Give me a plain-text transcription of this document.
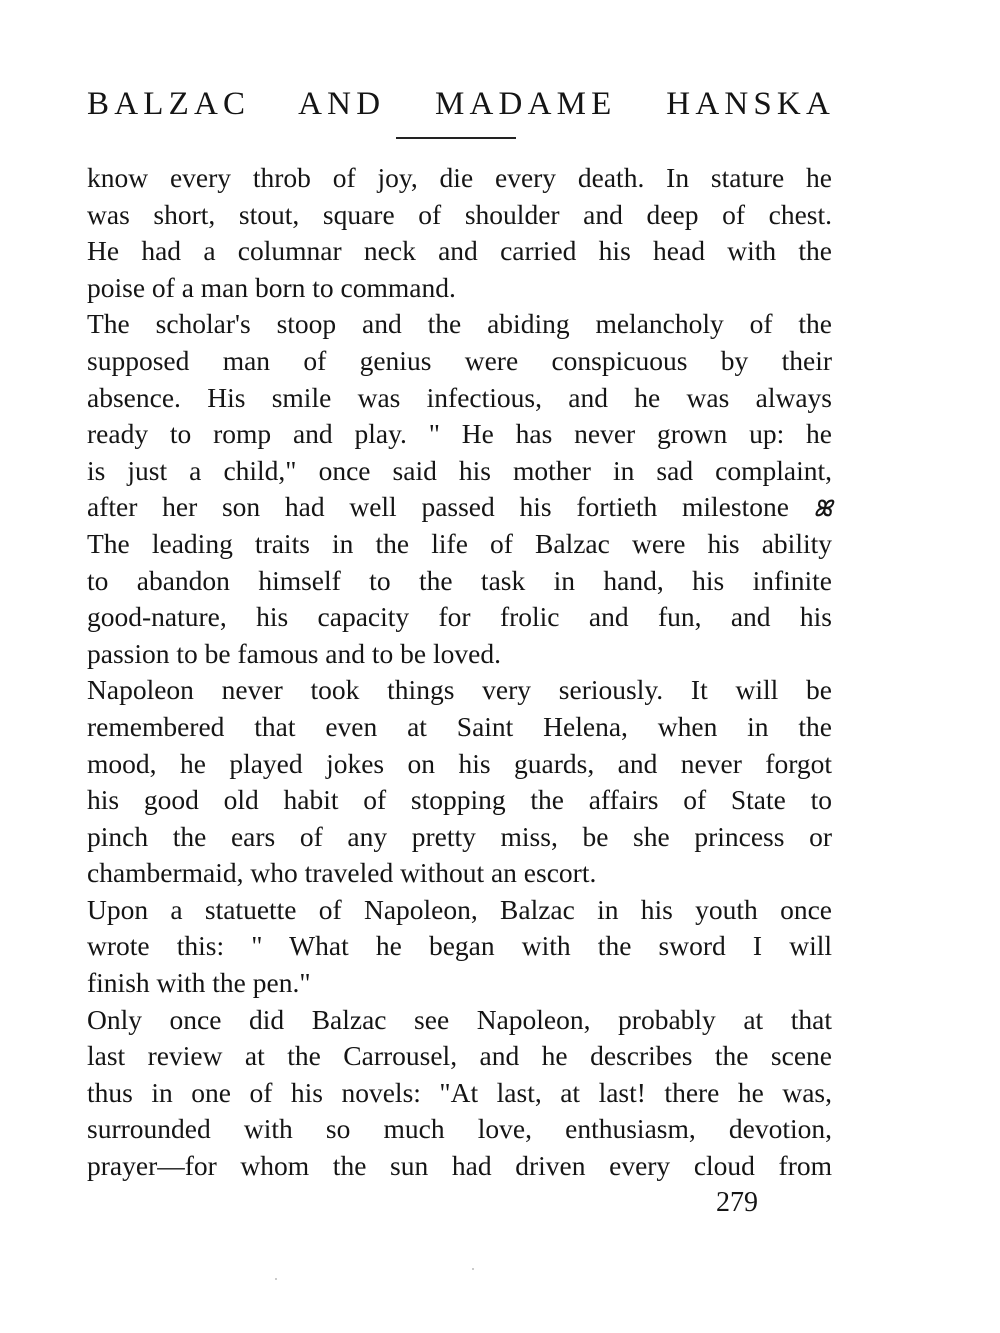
BALZAC AND MADAME HANSKA
know every throb of joy, die every death. In stature he
was short, stout, square of shoulder and deep of chest.
He had a columnar neck and carried his head with the
poise of a man born to command.
The scholar's stoop and the abiding melancholy of the
supposed man of genius were conspicuous by their
absence. His smile was infectious, and he was always
ready to romp and play. " He has never grown up: he
is just a child," once said his mother in sad complaint,
after her son had well passed his fortieth milestone ꕤ
The leading traits in the life of Balzac were his ability
to abandon himself to the task in hand, his infinite
good-nature, his capacity for frolic and fun, and his
passion to be famous and to be loved.
Napoleon never took things very seriously. It will be
remembered that even at Saint Helena, when in the
mood, he played jokes on his guards, and never forgot
his good old habit of stopping the affairs of State to
pinch the ears of any pretty miss, be she princess or
chambermaid, who traveled without an escort.
Upon a statuette of Napoleon, Balzac in his youth once
wrote this: " What he began with the sword I will
finish with the pen."
Only once did Balzac see Napoleon, probably at that
last review at the Carrousel, and he describes the scene
thus in one of his novels: "At last, at last! there he was,
surrounded with so much love, enthusiasm, devotion,
prayer—for whom the sun had driven every cloud from
279
